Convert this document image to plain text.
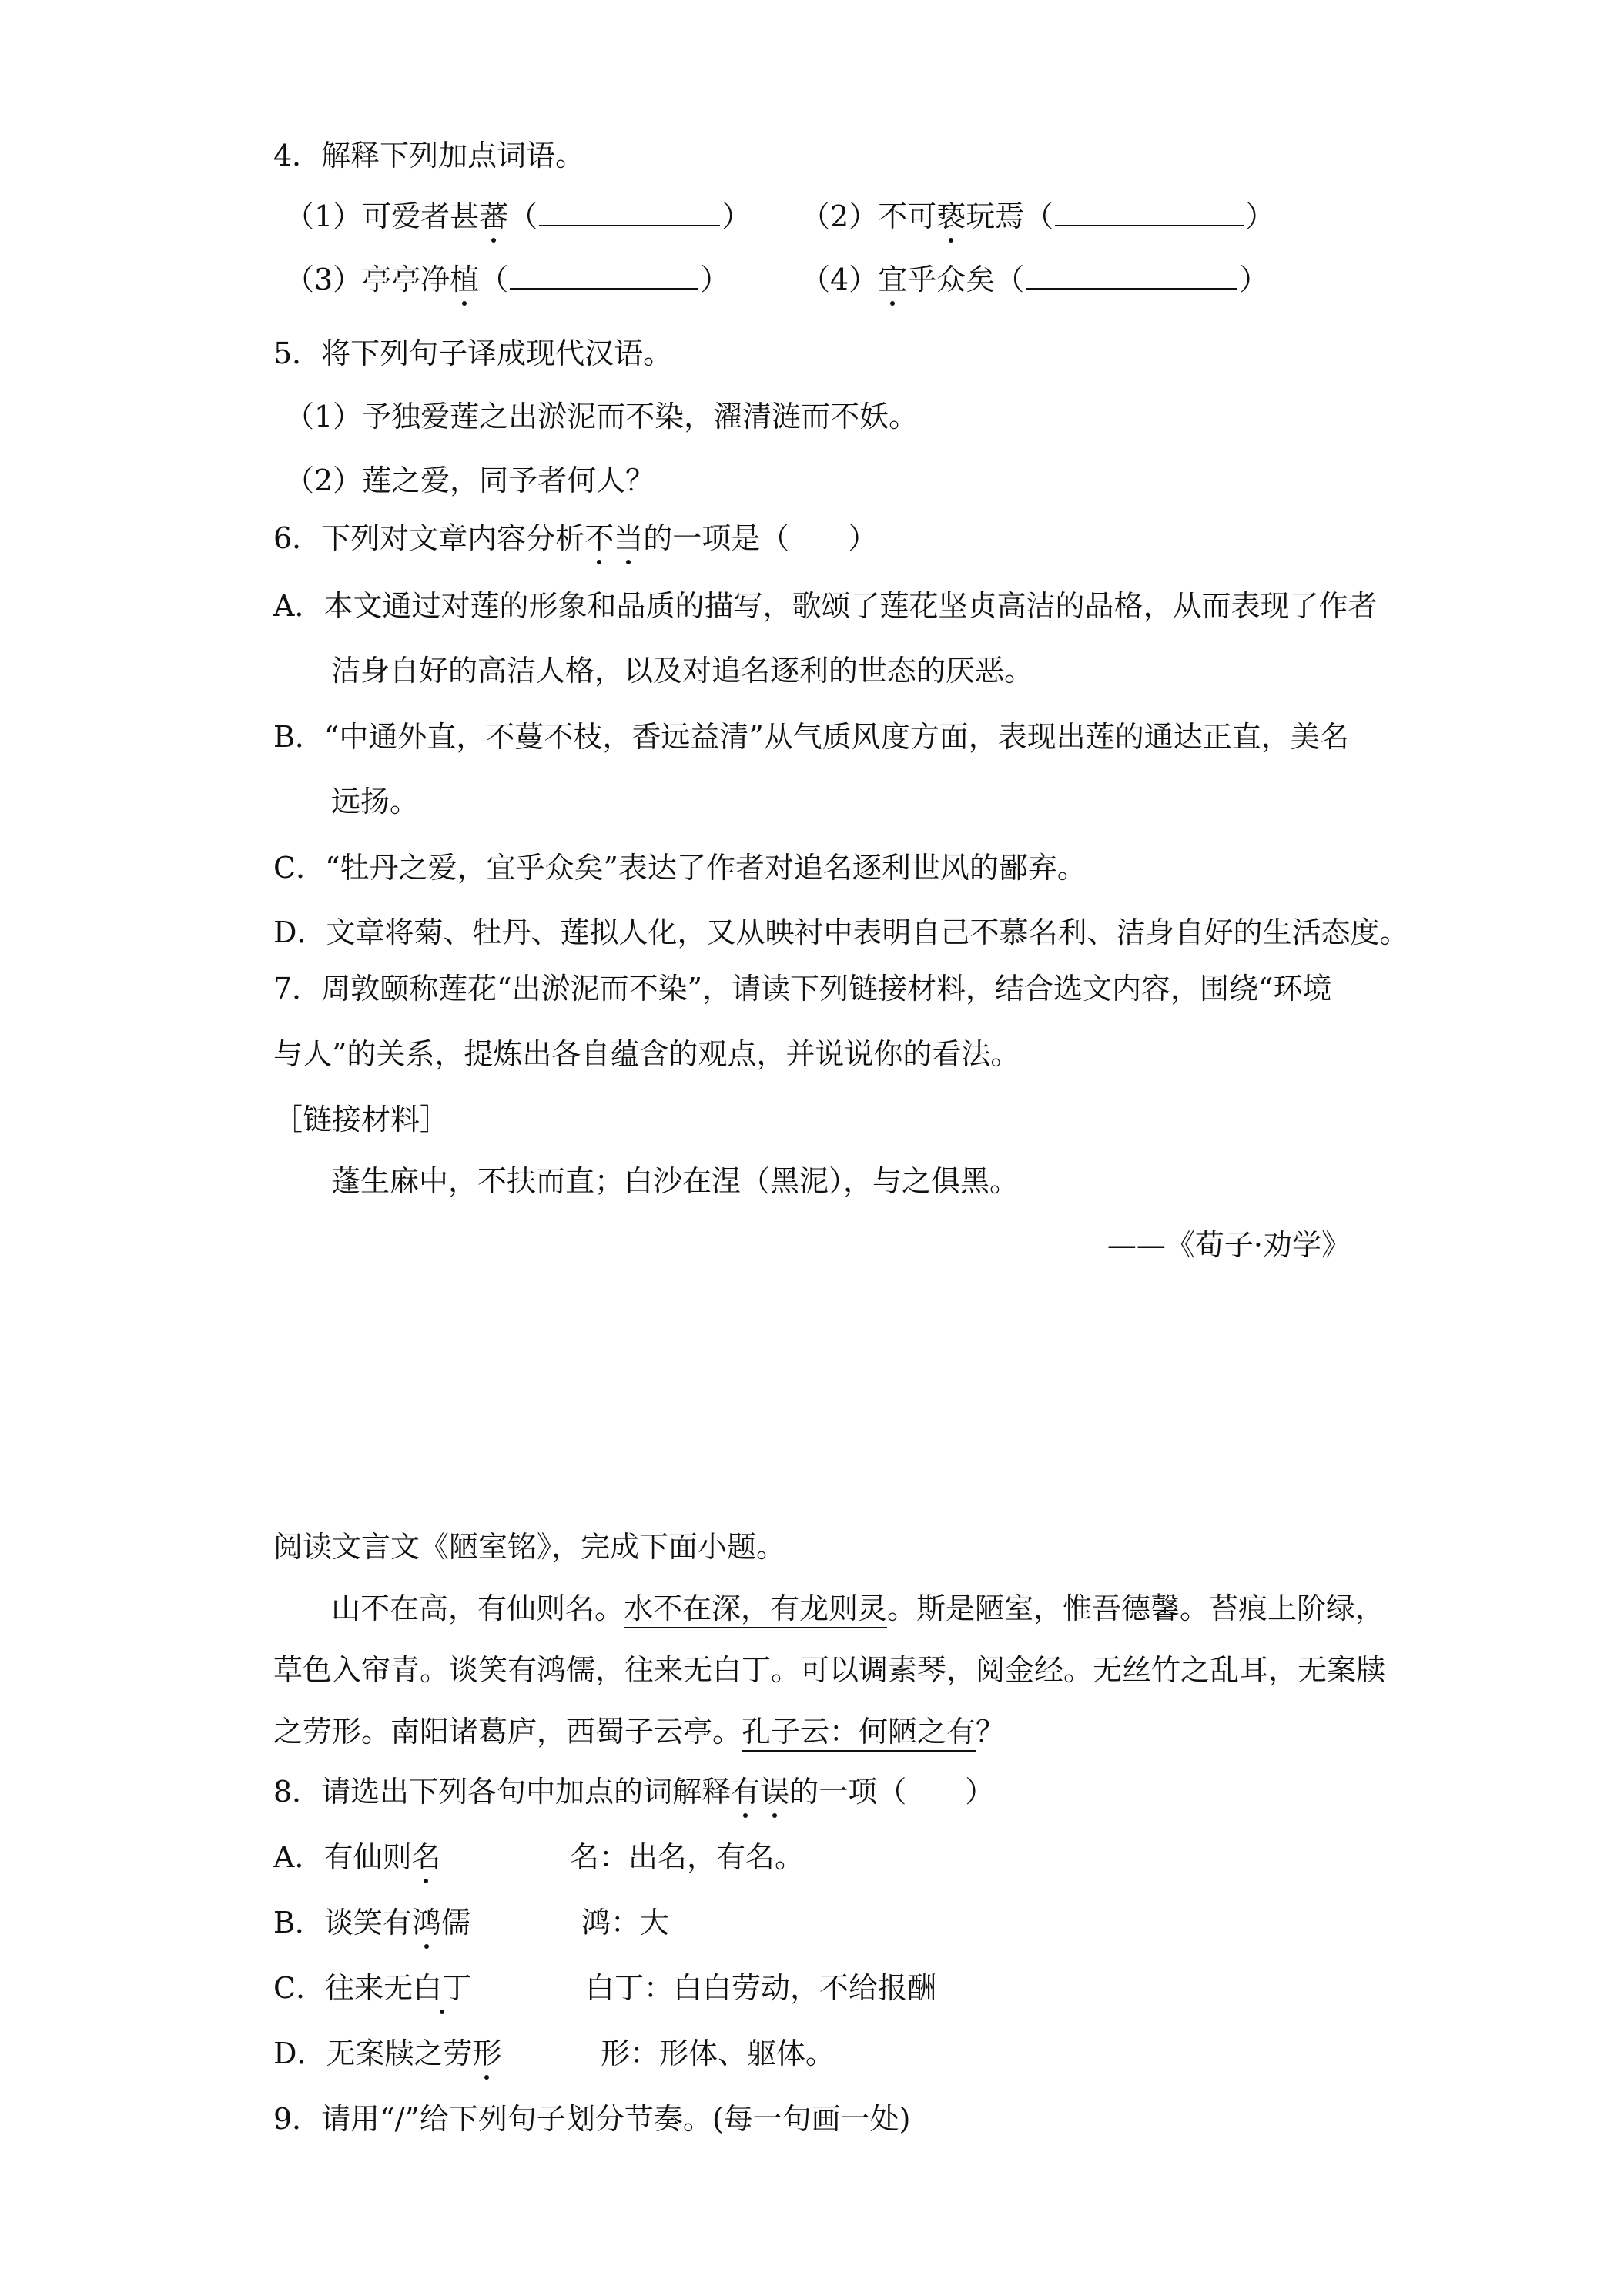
4．解释下列加点词语。
（1）可爱者甚蕃（	） （2）不可亵玩焉（	）
（3）亭亭净植（	） （4）宜乎众矣（	）
5．将下列句子译成现代汉语。
（1）予独爱莲之出淤泥而不染，濯清涟而不妖。
（2）莲之爱，同予者何人？
6．下列对文章内容分析不当的一项是（　　）
A．本文通过对莲的形象和品质的描写，歌颂了莲花坚贞高洁的品格，从而表现了作者
洁身自好的高洁人格，以及对追名逐利的世态的厌恶。
B．“中通外直，不蔓不枝，香远益清”从气质风度方面，表现出莲的通达正直，美名
远扬。
C．“牡丹之爱，宜乎众矣”表达了作者对追名逐利世风的鄙弃。
D．文章将菊、牡丹、莲拟人化，又从映衬中表明自己不慕名利、洁身自好的生活态度。
7．周敦颐称莲花“出淤泥而不染”，请读下列链接材料，结合选文内容，围绕“环境
与人”的关系，提炼出各自蕴含的观点，并说说你的看法。
［链接材料］
蓬生麻中，不扶而直；白沙在涅（黑泥），与之俱黑。
——《荀子·劝学》
阅读文言文《陋室铭》，完成下面小题。
山不在高，有仙则名。水不在深，有龙则灵。斯是陋室，惟吾德馨。苔痕上阶绿，
草色入帘青。谈笑有鸿儒，往来无白丁。可以调素琴，阅金经。无丝竹之乱耳，无案牍
之劳形。南阳诸葛庐，西蜀子云亭。孔子云：何陋之有？
8．请选出下列各句中加点的词解释有误的一项（　　）
A．有仙则名	名：出名，有名。
B．谈笑有鸿儒	鸿：大
C．往来无白丁	白丁：白白劳动，不给报酬
D．无案牍之劳形	形：形体、躯体。
9．请用“/”给下列句子划分节奏。(每一句画一处)
